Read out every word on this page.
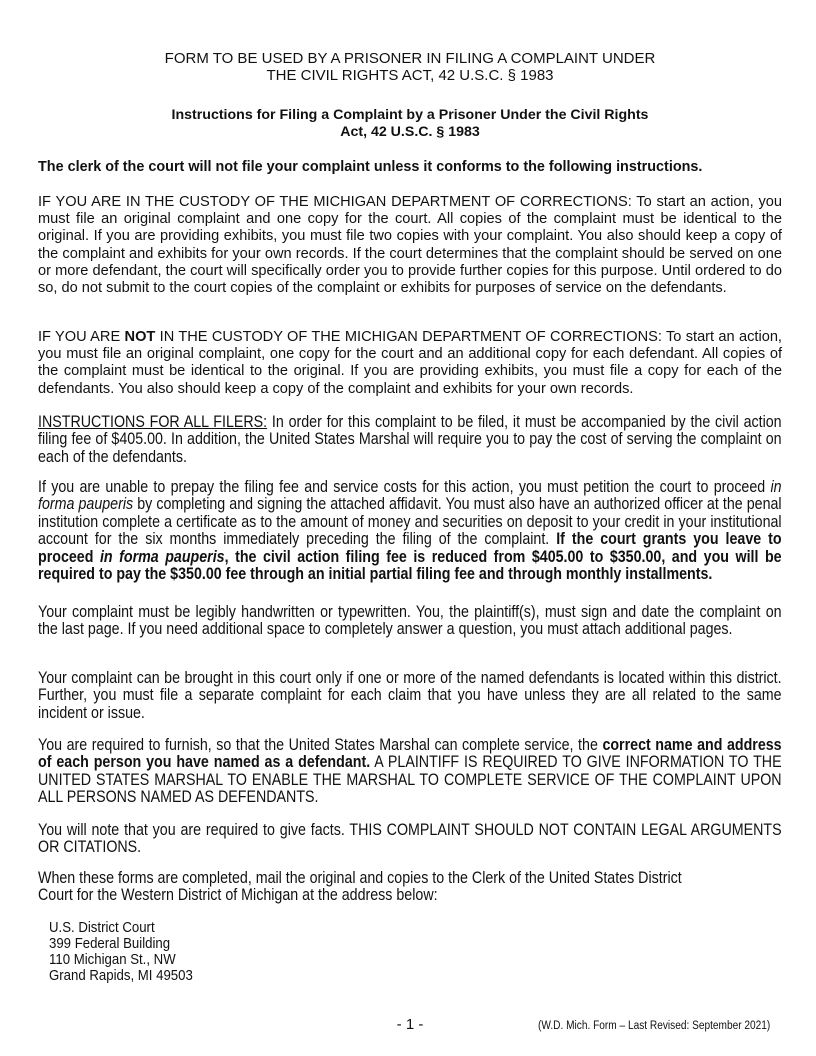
FORM TO BE USED BY A PRISONER IN FILING A COMPLAINT UNDER
THE CIVIL RIGHTS ACT, 42 U.S.C. § 1983
Instructions for Filing a Complaint by a Prisoner Under the Civil Rights
Act, 42 U.S.C. § 1983

The clerk of the court will not file your complaint unless it conforms to the following instructions.

IF YOU ARE IN THE CUSTODY OF THE MICHIGAN DEPARTMENT OF CORRECTIONS: To start an action, you must file an original complaint and one copy for the court. All copies of the complaint must be identical to the original. If you are providing exhibits, you must file two copies with your complaint. You also should keep a copy of the complaint and exhibits for your own records. If the court determines that the complaint should be served on one or more defendant, the court will specifically order you to provide further copies for this purpose. Until ordered to do so, do not submit to the court copies of the complaint or exhibits for purposes of service on the defendants.

IF YOU ARE NOT IN THE CUSTODY OF THE MICHIGAN DEPARTMENT OF CORRECTIONS: To start an action, you must file an original complaint, one copy for the court and an additional copy for each defendant. All copies of the complaint must be identical to the original. If you are providing exhibits, you must file a copy for each of the defendants. You also should keep a copy of the complaint and exhibits for your own records.

INSTRUCTIONS FOR ALL FILERS: In order for this complaint to be filed, it must be accompanied by the civil action filing fee of $405.00. In addition, the United States Marshal will require you to pay the cost of serving the complaint on each of the defendants.

If you are unable to prepay the filing fee and service costs for this action, you must petition the court to proceed in forma pauperis by completing and signing the attached affidavit. You must also have an authorized officer at the penal institution complete a certificate as to the amount of money and securities on deposit to your credit in your institutional account for the six months immediately preceding the filing of the complaint. If the court grants you leave to proceed in forma pauperis, the civil action filing fee is reduced from $405.00 to $350.00, and you will be required to pay the $350.00 fee through an initial partial filing fee and through monthly installments.

Your complaint must be legibly handwritten or typewritten. You, the plaintiff(s), must sign and date the complaint on the last page. If you need additional space to completely answer a question, you must attach additional pages.

Your complaint can be brought in this court only if one or more of the named defendants is located within this district. Further, you must file a separate complaint for each claim that you have unless they are all related to the same incident or issue.

You are required to furnish, so that the United States Marshal can complete service, the correct name and address of each person you have named as a defendant. A PLAINTIFF IS REQUIRED TO GIVE INFORMATION TO THE UNITED STATES MARSHAL TO ENABLE THE MARSHAL TO COMPLETE SERVICE OF THE COMPLAINT UPON ALL PERSONS NAMED AS DEFENDANTS.

You will note that you are required to give facts. THIS COMPLAINT SHOULD NOT CONTAIN LEGAL ARGUMENTS OR CITATIONS.

When these forms are completed, mail the original and copies to the Clerk of the United States District
Court for the Western District of Michigan at the address below:
U.S. District Court
399 Federal Building
110 Michigan St., NW
Grand Rapids, MI 49503
- 1 -	(W.D. Mich. Form – Last Revised: September 2021)
